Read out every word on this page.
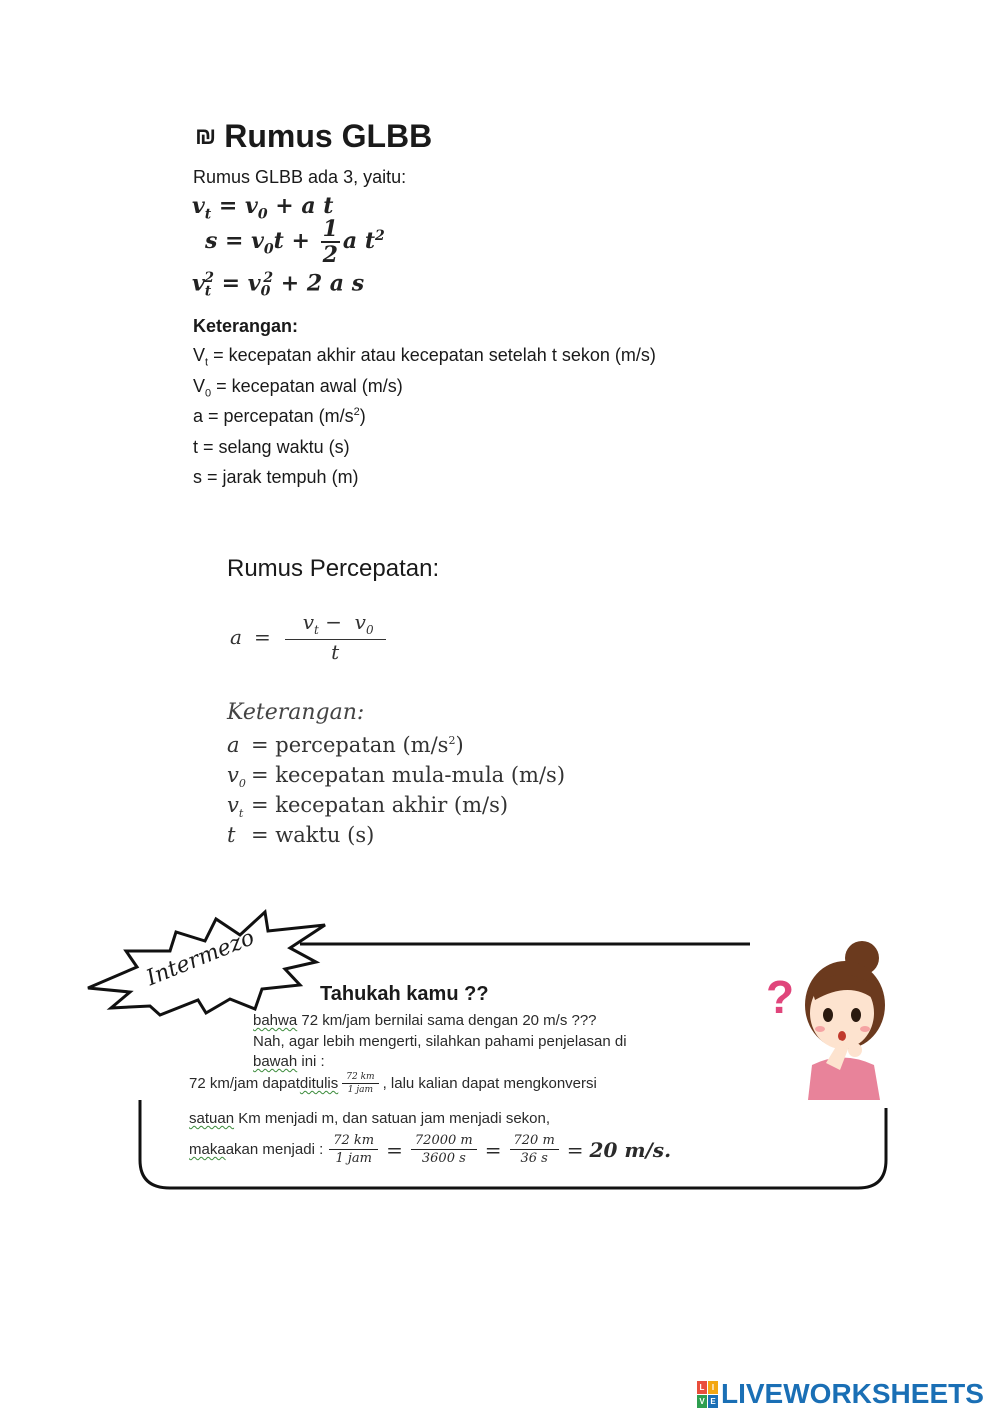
₪ Rumus GLBB
Rumus GLBB ada 3, yaitu:
$v_t = v_0 + a$ t
$s = v_0t + \frac{1}{2}$ a $t^2$
$v_t^2 = v_0^2 + 2$ a s
Keterangan:
$V_t$ = kecepatan akhir atau kecepatan setelah t sekon (m/s)
$V_0$ = kecepatan awal (m/s)
a = percepatan $(m/s^2)$
t = selang waktu (s)
s = jarak tempuh (m)
Rumus Percepatan:
$a = \frac{v_t - v_0}{t}$
Keterangan:
a = percepatan $(m/s^2)$
$v_0$ = kecepatan mula-mula (m/s)
$v_t$ = kecepatan akhir (m/s)
t = waktu (s)
?
Intermezo
Tahukah kamu ??
bahwa 72 km/jam bernilai sama dengan 20 m/s ???
Nah, agar lebih mengerti, silahkan pahami penjelasan di
bawah ini :
72 km/jam dapat ditulis $\frac{72 km}{\text{1 jam}}$ , lalu kalian dapat mengkonversi
satuan Km menjadi m, dan satuan jam menjadi sekon,
maka akan menjadi : $\frac{72 km}{\text{1 jam}} = \frac{72000 m}{3600 s} = \frac{720 m}{36 s} = 20$ m/s.
L I
V E LIVEWORKSHEETS
